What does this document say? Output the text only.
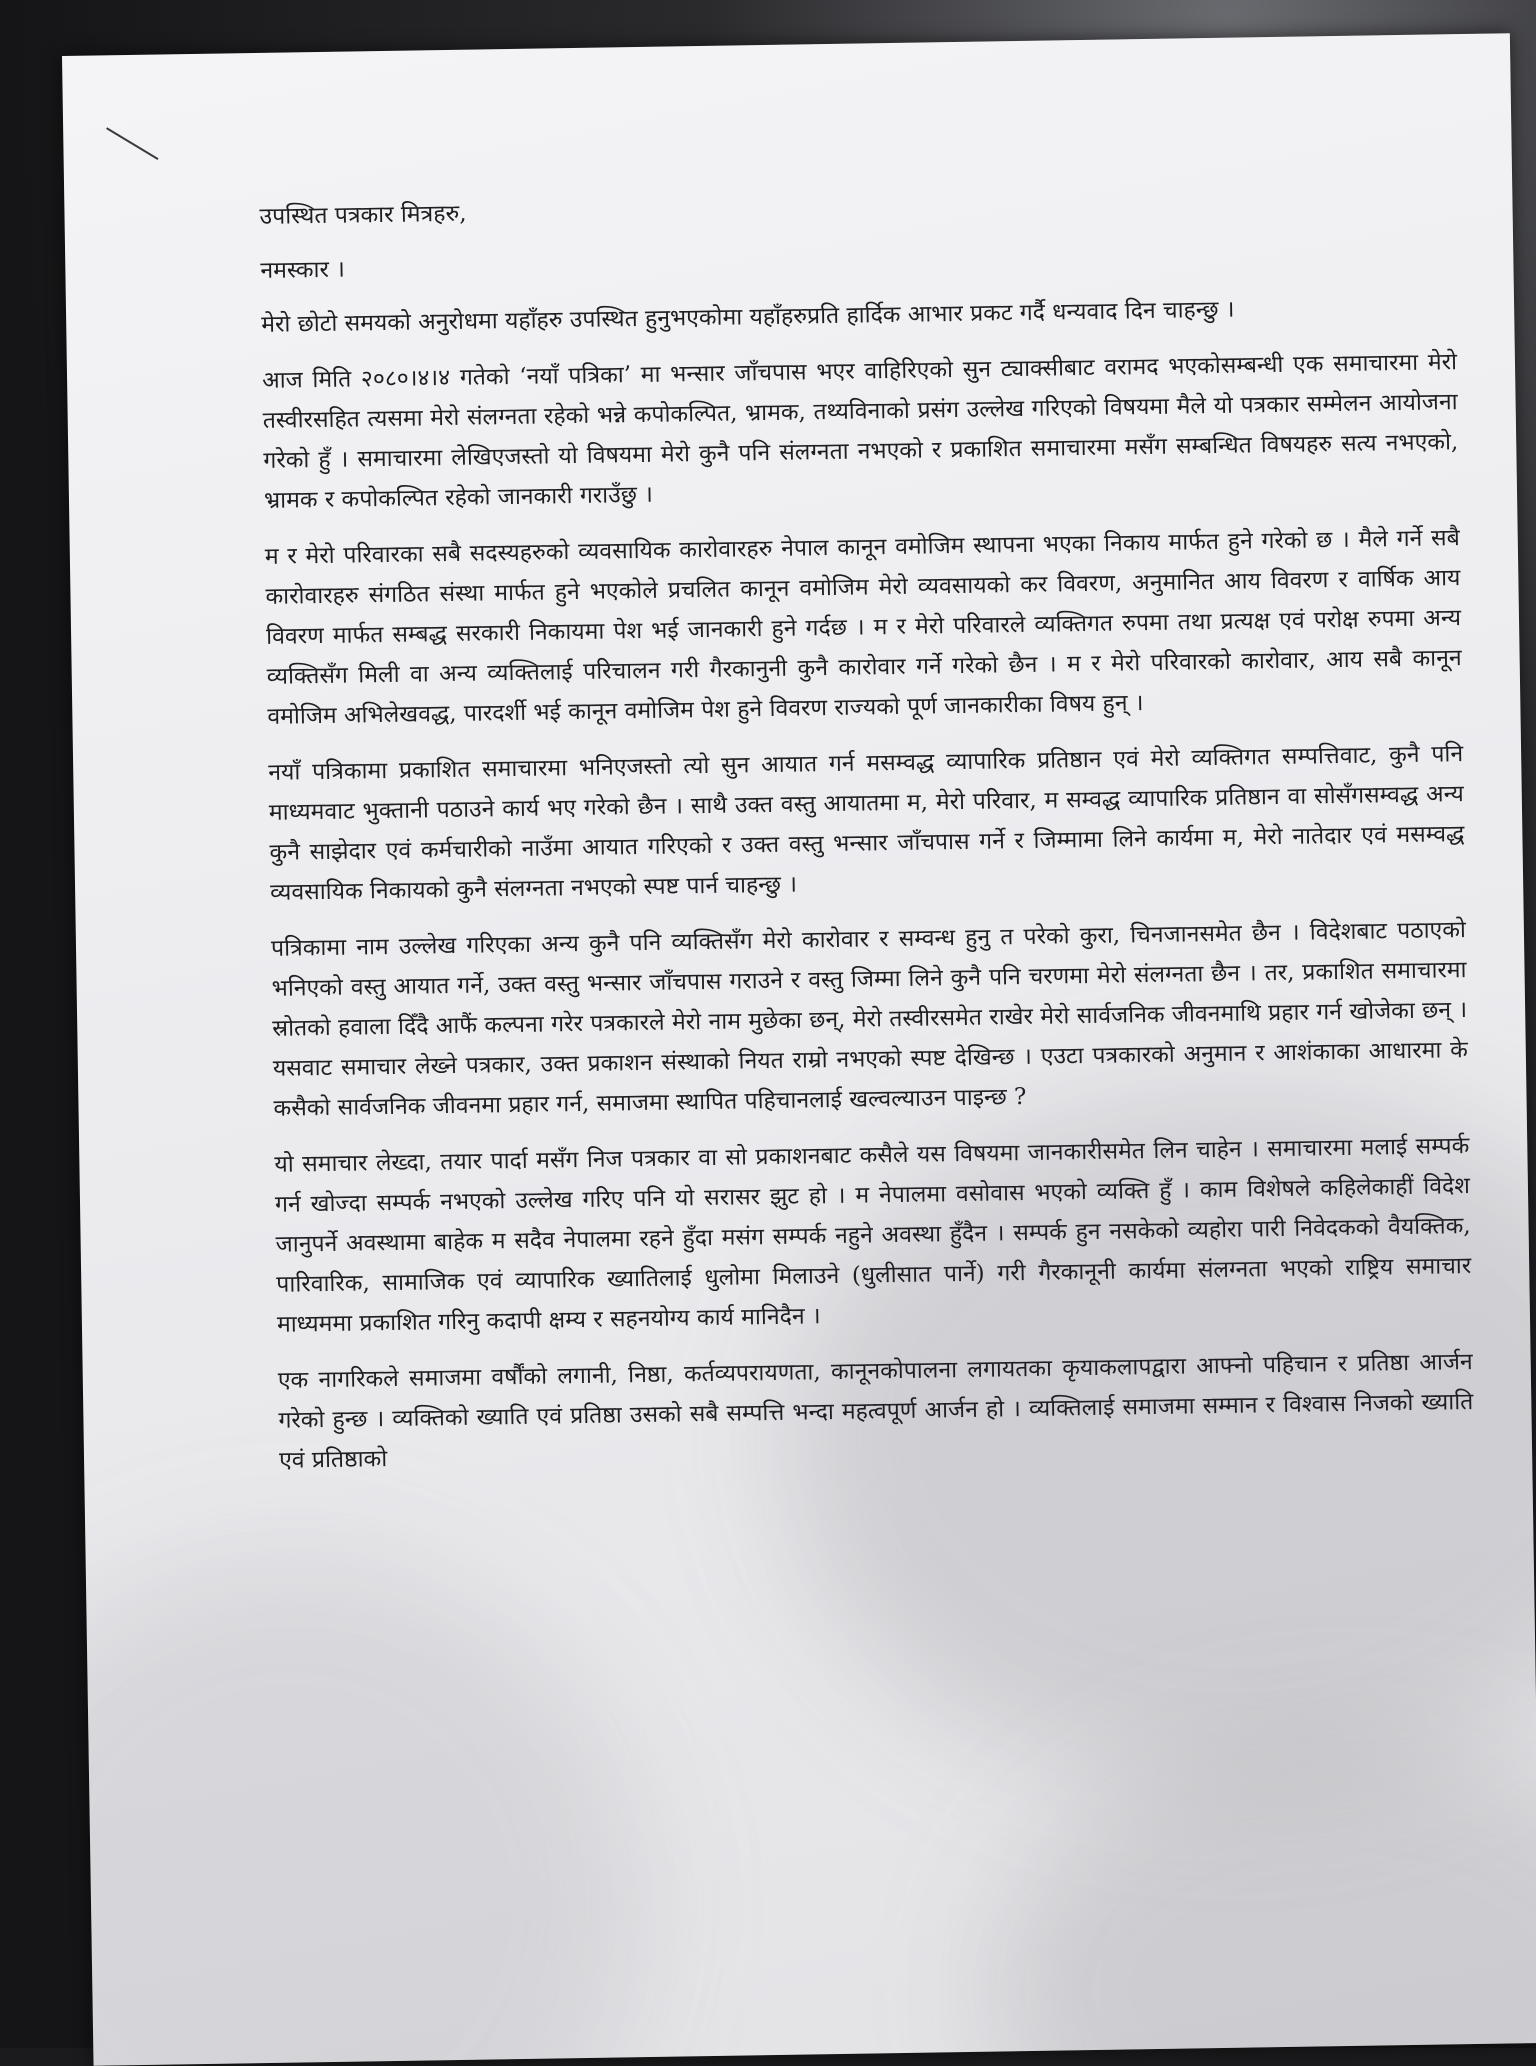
उपस्थित पत्रकार मित्रहरु,

नमस्कार ।

मेरो छोटो समयको अनुरोधमा यहाँहरु उपस्थित हुनुभएकोमा यहाँहरुप्रति हार्दिक आभार प्रकट गर्दै धन्यवाद दिन चाहन्छु ।

आज मिति २०८०।४।४ गतेको ‘नयाँ पत्रिका’ मा भन्सार जाँचपास भएर वाहिरिएको सुन ट्याक्सीबाट वरामद भएकोसम्बन्धी एक समाचारमा मेरो तस्वीरसहित त्यसमा मेरो संलग्नता रहेको भन्ने कपोकल्पित, भ्रामक, तथ्यविनाको प्रसंग उल्लेख गरिएको विषयमा मैले यो पत्रकार सम्मेलन आयोजना गरेको हुँ । समाचारमा लेखिएजस्तो यो विषयमा मेरो कुनै पनि संलग्नता नभएको र प्रकाशित समाचारमा मसँग सम्बन्धित विषयहरु सत्य नभएको, भ्रामक र कपोकल्पित रहेको जानकारी गराउँछु ।

म र मेरो परिवारका सबै सदस्यहरुको व्यवसायिक कारोवारहरु नेपाल कानून वमोजिम स्थापना भएका निकाय मार्फत हुने गरेको छ । मैले गर्ने सबै कारोवारहरु संगठित संस्था मार्फत हुने भएकोले प्रचलित कानून वमोजिम मेरो व्यवसायको कर विवरण, अनुमानित आय विवरण र वार्षिक आय विवरण मार्फत सम्बद्ध सरकारी निकायमा पेश भई जानकारी हुने गर्दछ । म र मेरो परिवारले व्यक्तिगत रुपमा तथा प्रत्यक्ष एवं परोक्ष रुपमा अन्य व्यक्तिसँग मिली वा अन्य व्यक्तिलाई परिचालन गरी गैरकानुनी कुनै कारोवार गर्ने गरेको छैन । म र मेरो परिवारको कारोवार, आय सबै कानून वमोजिम अभिलेखवद्ध, पारदर्शी भई कानून वमोजिम पेश हुने विवरण राज्यको पूर्ण जानकारीका विषय हुन् ।

नयाँ पत्रिकामा प्रकाशित समाचारमा भनिएजस्तो त्यो सुन आयात गर्न मसम्वद्ध व्यापारिक प्रतिष्ठान एवं मेरो व्यक्तिगत सम्पत्तिवाट, कुनै पनि माध्यमवाट भुक्तानी पठाउने कार्य भए गरेको छैन । साथै उक्त वस्तु आयातमा म, मेरो परिवार, म सम्वद्ध व्यापारिक प्रतिष्ठान वा सोसँगसम्वद्ध अन्य कुनै साझेदार एवं कर्मचारीको नाउँमा आयात गरिएको र उक्त वस्तु भन्सार जाँचपास गर्ने र जिम्मामा लिने कार्यमा म, मेरो नातेदार एवं मसम्वद्ध व्यवसायिक निकायको कुनै संलग्नता नभएको स्पष्ट पार्न चाहन्छु ।

पत्रिकामा नाम उल्लेख गरिएका अन्य कुनै पनि व्यक्तिसँग मेरो कारोवार र सम्वन्ध हुनु त परेको कुरा, चिनजानसमेत छैन । विदेशबाट पठाएको भनिएको वस्तु आयात गर्ने, उक्त वस्तु भन्सार जाँचपास गराउने र वस्तु जिम्मा लिने कुनै पनि चरणमा मेरो संलग्नता छैन । तर, प्रकाशित समाचारमा स्रोतको हवाला दिँदै आफैं कल्पना गरेर पत्रकारले मेरो नाम मुछेका छन्, मेरो तस्वीरसमेत राखेर मेरो सार्वजनिक जीवनमाथि प्रहार गर्न खोजेका छन् । यसवाट समाचार लेख्ने पत्रकार, उक्त प्रकाशन संस्थाको नियत राम्रो नभएको स्पष्ट देखिन्छ । एउटा पत्रकारको अनुमान र आशंकाका आधारमा के कसैको सार्वजनिक जीवनमा प्रहार गर्न, समाजमा स्थापित पहिचानलाई खल्वल्याउन पाइन्छ ?

यो समाचार लेख्दा, तयार पार्दा मसँग निज पत्रकार वा सो प्रकाशनबाट कसैले यस विषयमा जानकारीसमेत लिन चाहेन । समाचारमा मलाई सम्पर्क गर्न खोज्दा सम्पर्क नभएको उल्लेख गरिए पनि यो सरासर झुट हो । म नेपालमा वसोवास भएको व्यक्ति हुँ । काम विशेषले कहिलेकाहीं विदेश जानुपर्ने अवस्थामा बाहेक म सदैव नेपालमा रहने हुँदा मसंग सम्पर्क नहुने अवस्था हुँदैन । सम्पर्क हुन नसकेको व्यहोरा पारी निवेदकको वैयक्तिक, पारिवारिक, सामाजिक एवं व्यापारिक ख्यातिलाई धुलोमा मिलाउने (धुलीसात पार्ने) गरी गैरकानूनी कार्यमा संलग्नता भएको राष्ट्रिय समाचार माध्यममा प्रकाशित गरिनु कदापी क्षम्य र सहनयोग्य कार्य मानिदैन ।

एक नागरिकले समाजमा वर्षौंको लगानी, निष्ठा, कर्तव्यपरायणता, कानूनकोपालना लगायतका कृयाकलापद्वारा आफ्नो पहिचान र प्रतिष्ठा आर्जन गरेको हुन्छ । व्यक्तिको ख्याति एवं प्रतिष्ठा उसको सबै सम्पत्ति भन्दा महत्वपूर्ण आर्जन हो । व्यक्तिलाई समाजमा सम्मान र विश्वास निजको ख्याति एवं प्रतिष्ठाको
